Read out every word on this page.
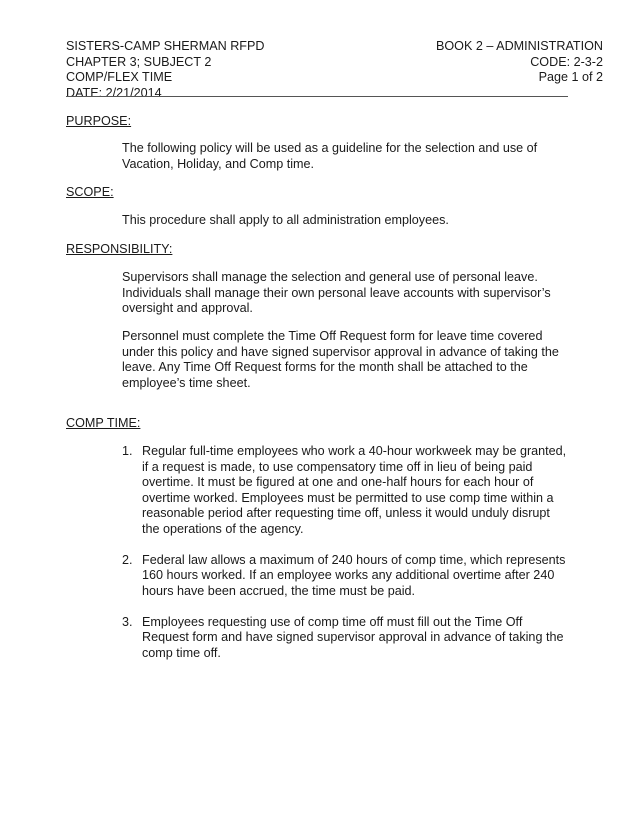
SISTERS-CAMP SHERMAN RFPD	BOOK 2 – ADMINISTRATION
CHAPTER 3; SUBJECT 2	CODE: 2-3-2
COMP/FLEX TIME	Page 1 of 2
DATE: 2/21/2014
PURPOSE:
The following policy will be used as a guideline for the selection and use of Vacation, Holiday, and Comp time.
SCOPE:
This procedure shall apply to all administration employees.
RESPONSIBILITY:
Supervisors shall manage the selection and general use of personal leave. Individuals shall manage their own personal leave accounts with supervisor’s oversight and approval.
Personnel must complete the Time Off Request form for leave time covered under this policy and have signed supervisor approval in advance of taking the leave. Any Time Off Request forms for the month shall be attached to the employee’s time sheet.
COMP TIME:
1. Regular full-time employees who work a 40-hour workweek may be granted, if a request is made, to use compensatory time off in lieu of being paid overtime. It must be figured at one and one-half hours for each hour of overtime worked. Employees must be permitted to use comp time within a reasonable period after requesting time off, unless it would unduly disrupt the operations of the agency.
2. Federal law allows a maximum of 240 hours of comp time, which represents 160 hours worked. If an employee works any additional overtime after 240 hours have been accrued, the time must be paid.
3. Employees requesting use of comp time off must fill out the Time Off Request form and have signed supervisor approval in advance of taking the comp time off.
